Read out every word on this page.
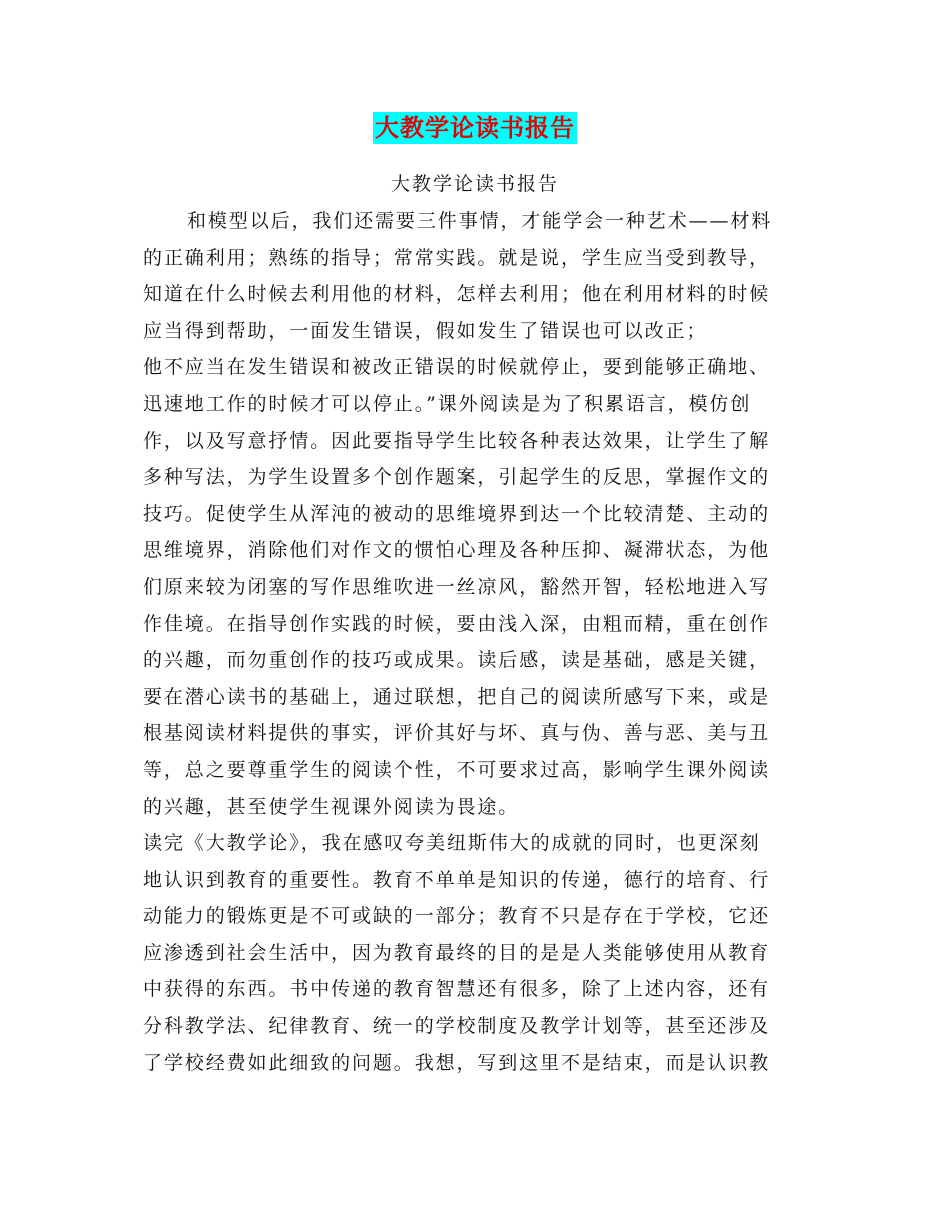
大教学论读书报告
大教学论读书报告
和模型以后，我们还需要三件事情，才能学会一种艺术——材料
的正确利用；熟练的指导；常常实践。就是说，学生应当受到教导，
知道在什么时候去利用他的材料，怎样去利用；他在利用材料的时候
应当得到帮助，一面发生错误，假如发生了错误也可以改正；
他不应当在发生错误和被改正错误的时候就停止，要到能够正确地、
迅速地工作的时候才可以停止。”课外阅读是为了积累语言，模仿创
作，以及写意抒情。因此要指导学生比较各种表达效果，让学生了解
多种写法，为学生设置多个创作题案，引起学生的反思，掌握作文的
技巧。促使学生从浑沌的被动的思维境界到达一个比较清楚、主动的
思维境界，消除他们对作文的惯怕心理及各种压抑、凝滞状态，为他
们原来较为闭塞的写作思维吹进一丝凉风，豁然开智，轻松地进入写
作佳境。在指导创作实践的时候，要由浅入深，由粗而精，重在创作
的兴趣，而勿重创作的技巧或成果。读后感，读是基础，感是关键，
要在潜心读书的基础上，通过联想，把自己的阅读所感写下来，或是
根基阅读材料提供的事实，评价其好与坏、真与伪、善与恶、美与丑
等，总之要尊重学生的阅读个性，不可要求过高，影响学生课外阅读
的兴趣，甚至使学生视课外阅读为畏途。
读完《大教学论》，我在感叹夸美纽斯伟大的成就的同时，也更深刻
地认识到教育的重要性。教育不单单是知识的传递，德行的培育、行
动能力的锻炼更是不可或缺的一部分；教育不只是存在于学校，它还
应渗透到社会生活中，因为教育最终的目的是是人类能够使用从教育
中获得的东西。书中传递的教育智慧还有很多，除了上述内容，还有
分科教学法、纪律教育、统一的学校制度及教学计划等，甚至还涉及
了学校经费如此细致的问题。我想，写到这里不是结束，而是认识教
